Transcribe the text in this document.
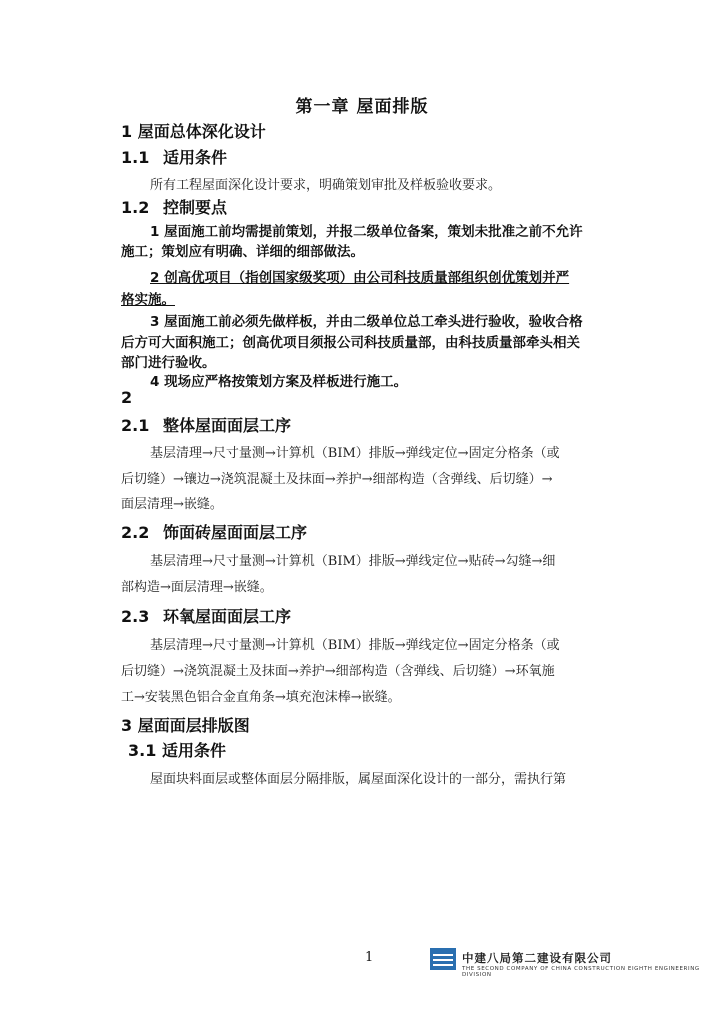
第一章 屋面排版
1 屋面总体深化设计
1.1 适用条件
所有工程屋面深化设计要求，明确策划审批及样板验收要求。
1.2 控制要点
1 屋面施工前均需提前策划，并报二级单位备案，策划未批准之前不允许
施工；策划应有明确、详细的细部做法。
2 创高优项目（指创国家级奖项）由公司科技质量部组织创优策划并严
格实施。
3 屋面施工前必须先做样板，并由二级单位总工牵头进行验收，验收合格
后方可大面积施工；创高优项目须报公司科技质量部，由科技质量部牵头相关
部门进行验收。
4 现场应严格按策划方案及样板进行施工。
2
2.1 整体屋面面层工序
基层清理→尺寸量测→计算机（BIM）排版→弹线定位→固定分格条（或
后切缝）→镶边→浇筑混凝土及抹面→养护→细部构造（含弹线、后切缝）→
面层清理→嵌缝。
2.2 饰面砖屋面面层工序
基层清理→尺寸量测→计算机（BIM）排版→弹线定位→贴砖→勾缝→细
部构造→面层清理→嵌缝。
2.3 环氧屋面面层工序
基层清理→尺寸量测→计算机（BIM）排版→弹线定位→固定分格条（或
后切缝）→浇筑混凝土及抹面→养护→细部构造（含弹线、后切缝）→环氧施
工→安装黑色铝合金直角条→填充泡沫棒→嵌缝。
3 屋面面层排版图
3.1 适用条件
屋面块料面层或整体面层分隔排版，属屋面深化设计的一部分，需执行第
1	中建八局第二建设有限公司
THE SECOND COMPANY OF CHINA CONSTRUCTION EIGHTH ENGINEERING DIVISION
